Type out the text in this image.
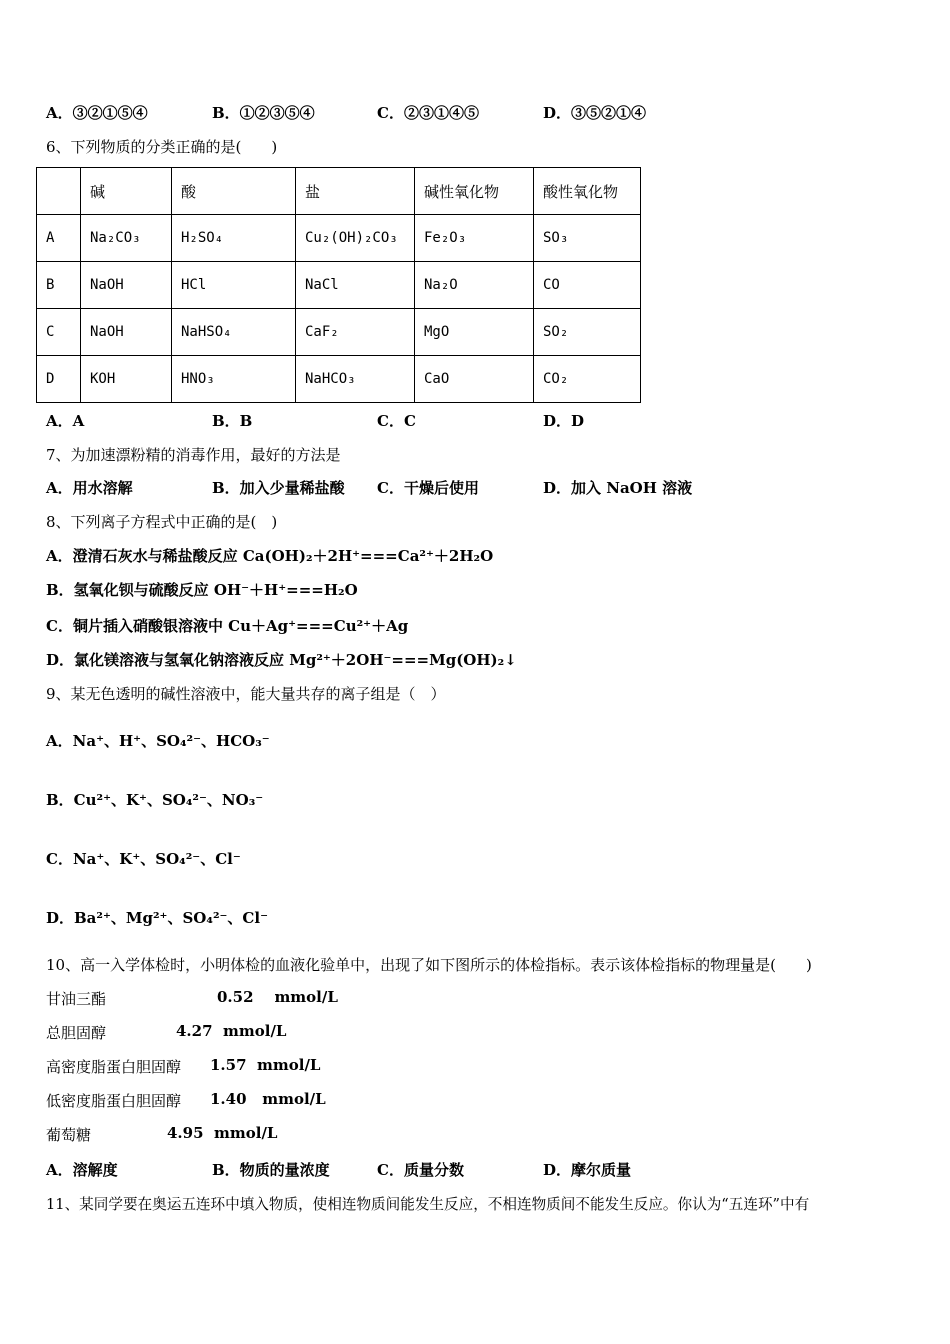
A．③②①⑤④	B．①②③⑤④	C．②③①④⑤	D．③⑤②①④
6、下列物质的分类正确的是(　　)
	碱	酸	盐	碱性氧化物	酸性氧化物
A	Na₂CO₃	H₂SO₄	Cu₂(OH)₂CO₃	Fe₂O₃	SO₃
B	NaOH	HCl	NaCl	Na₂O	CO
C	NaOH	NaHSO₄	CaF₂	MgO	SO₂
D	KOH	HNO₃	NaHCO₃	CaO	CO₂
A．A	B．B	C．C	D．D
7、为加速漂粉精的消毒作用，最好的方法是
A．用水溶解	B．加入少量稀盐酸 C．干燥后使用	D．加入 NaOH 溶液
8、下列离子方程式中正确的是(　)
A．澄清石灰水与稀盐酸反应 Ca(OH)₂＋2H⁺===Ca²⁺＋2H₂O
B．氢氧化钡与硫酸反应 OH⁻＋H⁺===H₂O
C．铜片插入硝酸银溶液中 Cu＋Ag⁺===Cu²⁺＋Ag
D．氯化镁溶液与氢氧化钠溶液反应 Mg²⁺＋2OH⁻===Mg(OH)₂↓
9、某无色透明的碱性溶液中，能大量共存的离子组是（　）
A．Na⁺、H⁺、SO₄²⁻、HCO₃⁻
B．Cu²⁺、K⁺、SO₄²⁻、NO₃⁻
C．Na⁺、K⁺、SO₄²⁻、Cl⁻
D．Ba²⁺、Mg²⁺、SO₄²⁻、Cl⁻
10、高一入学体检时，小明体检的血液化验单中，出现了如下图所示的体检指标。表示该体检指标的物理量是(　　)
甘油三酯	0.52 mmol/L
总胆固醇	4.27 mmol/L
高密度脂蛋白胆固醇 1.57 mmol/L
低密度脂蛋白胆固醇 1.40 mmol/L
葡萄糖	4.95 mmol/L
A．溶解度	B．物质的量浓度	C．质量分数	D．摩尔质量
11、某同学要在奥运五连环中填入物质，使相连物质间能发生反应，不相连物质间不能发生反应。你认为“五连环”中有
